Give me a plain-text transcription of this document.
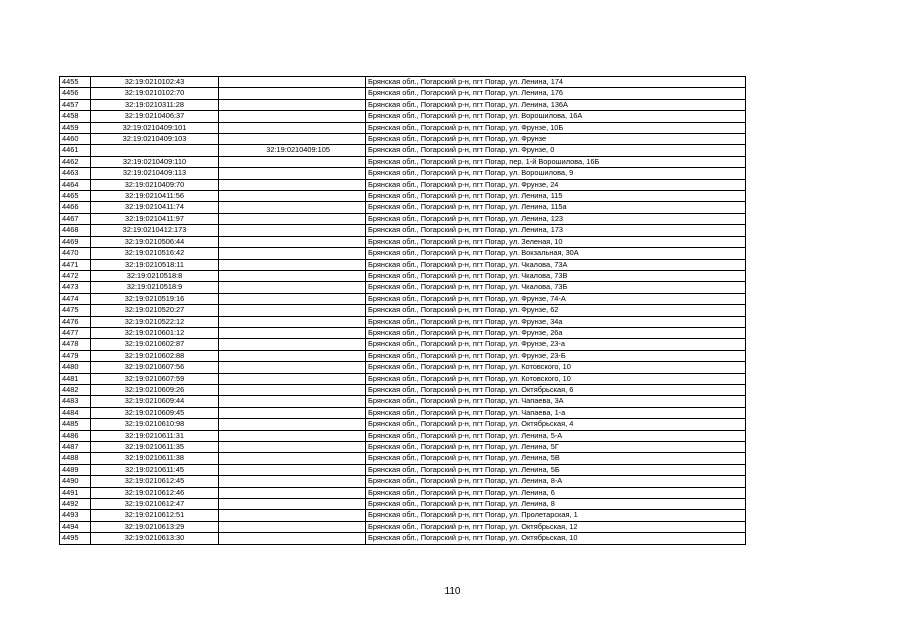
4455	32:19:0210102:43		Брянская обл., Погарский р-н, пгт Погар, ул. Ленина, 174
4456	32:19:0210102:70		Брянская обл., Погарский р-н, пгт Погар, ул. Ленина, 176
4457	32:19:0210311:28		Брянская обл., Погарский р-н, пгт Погар, ул. Ленина, 136А
4458	32:19:0210406:37		Брянская обл., Погарский р-н, пгт Погар, ул. Ворошилова, 16А
4459	32:19:0210409:101		Брянская обл., Погарский р-н, пгт Погар, ул. Фрунзе, 10Б
4460	32:19:0210409:103		Брянская обл., Погарский р-н, пгт Погар, ул. Фрунзе
4461		32:19:0210409:105	Брянская обл., Погарский р-н, пгт Погар, ул. Фрунзе, 0
4462	32:19:0210409:110		Брянская обл., Погарский р-н, пгт Погар, пер. 1-й Ворошилова, 16Б
4463	32:19:0210409:113		Брянская обл., Погарский р-н, пгт Погар, ул. Ворошилова, 9
4464	32:19:0210409:70		Брянская обл., Погарский р-н, пгт Погар, ул. Фрунзе, 24
4465	32:19:0210411:56		Брянская обл., Погарский р-н, пгт Погар, ул. Ленина, 115
4466	32:19:0210411:74		Брянская обл., Погарский р-н, пгт Погар, ул. Ленина, 115а
4467	32:19:0210411:97		Брянская обл., Погарский р-н, пгт Погар, ул. Ленина, 123
4468	32:19:0210412:173		Брянская обл., Погарский р-н, пгт Погар, ул. Ленина, 173
4469	32:19:0210506:44		Брянская обл., Погарский р-н, пгт Погар, ул. Зеленая, 10
4470	32:19:0210516:42		Брянская обл., Погарский р-н, пгт Погар, ул. Вокзальная, 30А
4471	32:19:0210518:11		Брянская обл., Погарский р-н, пгт Погар, ул. Чкалова, 73А
4472	32:19:0210518:8		Брянская обл., Погарский р-н, пгт Погар, ул. Чкалова, 73В
4473	32:19:0210518:9		Брянская обл., Погарский р-н, пгт Погар, ул. Чкалова, 73Б
4474	32:19:0210519:16		Брянская обл., Погарский р-н, пгт Погар, ул. Фрунзе, 74-А
4475	32:19:0210520:27		Брянская обл., Погарский р-н, пгт Погар, ул. Фрунзе, 62
4476	32:19:0210522:12		Брянская обл., Погарский р-н, пгт Погар, ул. Фрунзе, 34а
4477	32:19:0210601:12		Брянская обл., Погарский р-н, пгт Погар, ул. Фрунзе, 26а
4478	32:19:0210602:87		Брянская обл., Погарский р-н, пгт Погар, ул. Фрунзе, 23-а
4479	32:19:0210602:88		Брянская обл., Погарский р-н, пгт Погар, ул. Фрунзе, 23-Б
4480	32:19:0210607:56		Брянская обл., Погарский р-н, пгт Погар, ул. Котовского, 10
4481	32:19:0210607:59		Брянская обл., Погарский р-н, пгт Погар, ул. Котовского, 10
4482	32:19:0210609:26		Брянская обл., Погарский р-н, пгт Погар, ул. Октябрьская, 6
4483	32:19:0210609:44		Брянская обл., Погарский р-н, пгт Погар, ул. Чапаева, 3А
4484	32:19:0210609:45		Брянская обл., Погарский р-н, пгт Погар, ул. Чапаева, 1-а
4485	32:19:0210610:98		Брянская обл., Погарский р-н, пгт Погар, ул. Октябрьская, 4
4486	32:19:0210611:31		Брянская обл., Погарский р-н, пгт Погар, ул. Ленина, 5-А
4487	32:19:0210611:35		Брянская обл., Погарский р-н, пгт Погар, ул. Ленина, 5Г
4488	32:19:0210611:38		Брянская обл., Погарский р-н, пгт Погар, ул. Ленина, 5В
4489	32:19:0210611:45		Брянская обл., Погарский р-н, пгт Погар, ул. Ленина, 5Б
4490	32:19:0210612:45		Брянская обл., Погарский р-н, пгт Погар, ул. Ленина, 8-А
4491	32:19:0210612:46		Брянская обл., Погарский р-н, пгт Погар, ул. Ленина, 6
4492	32:19:0210612:47		Брянская обл., Погарский р-н, пгт Погар, ул. Ленина, 8
4493	32:19:0210612:51		Брянская обл., Погарский р-н, пгт Погар, ул. Пролетарская, 1
4494	32:19:0210613:29		Брянская обл., Погарский р-н, пгт Погар, ул. Октябрьская, 12
4495	32:19:0210613:30		Брянская обл., Погарский р-н, пгт Погар, ул. Октябрьская, 10
110
